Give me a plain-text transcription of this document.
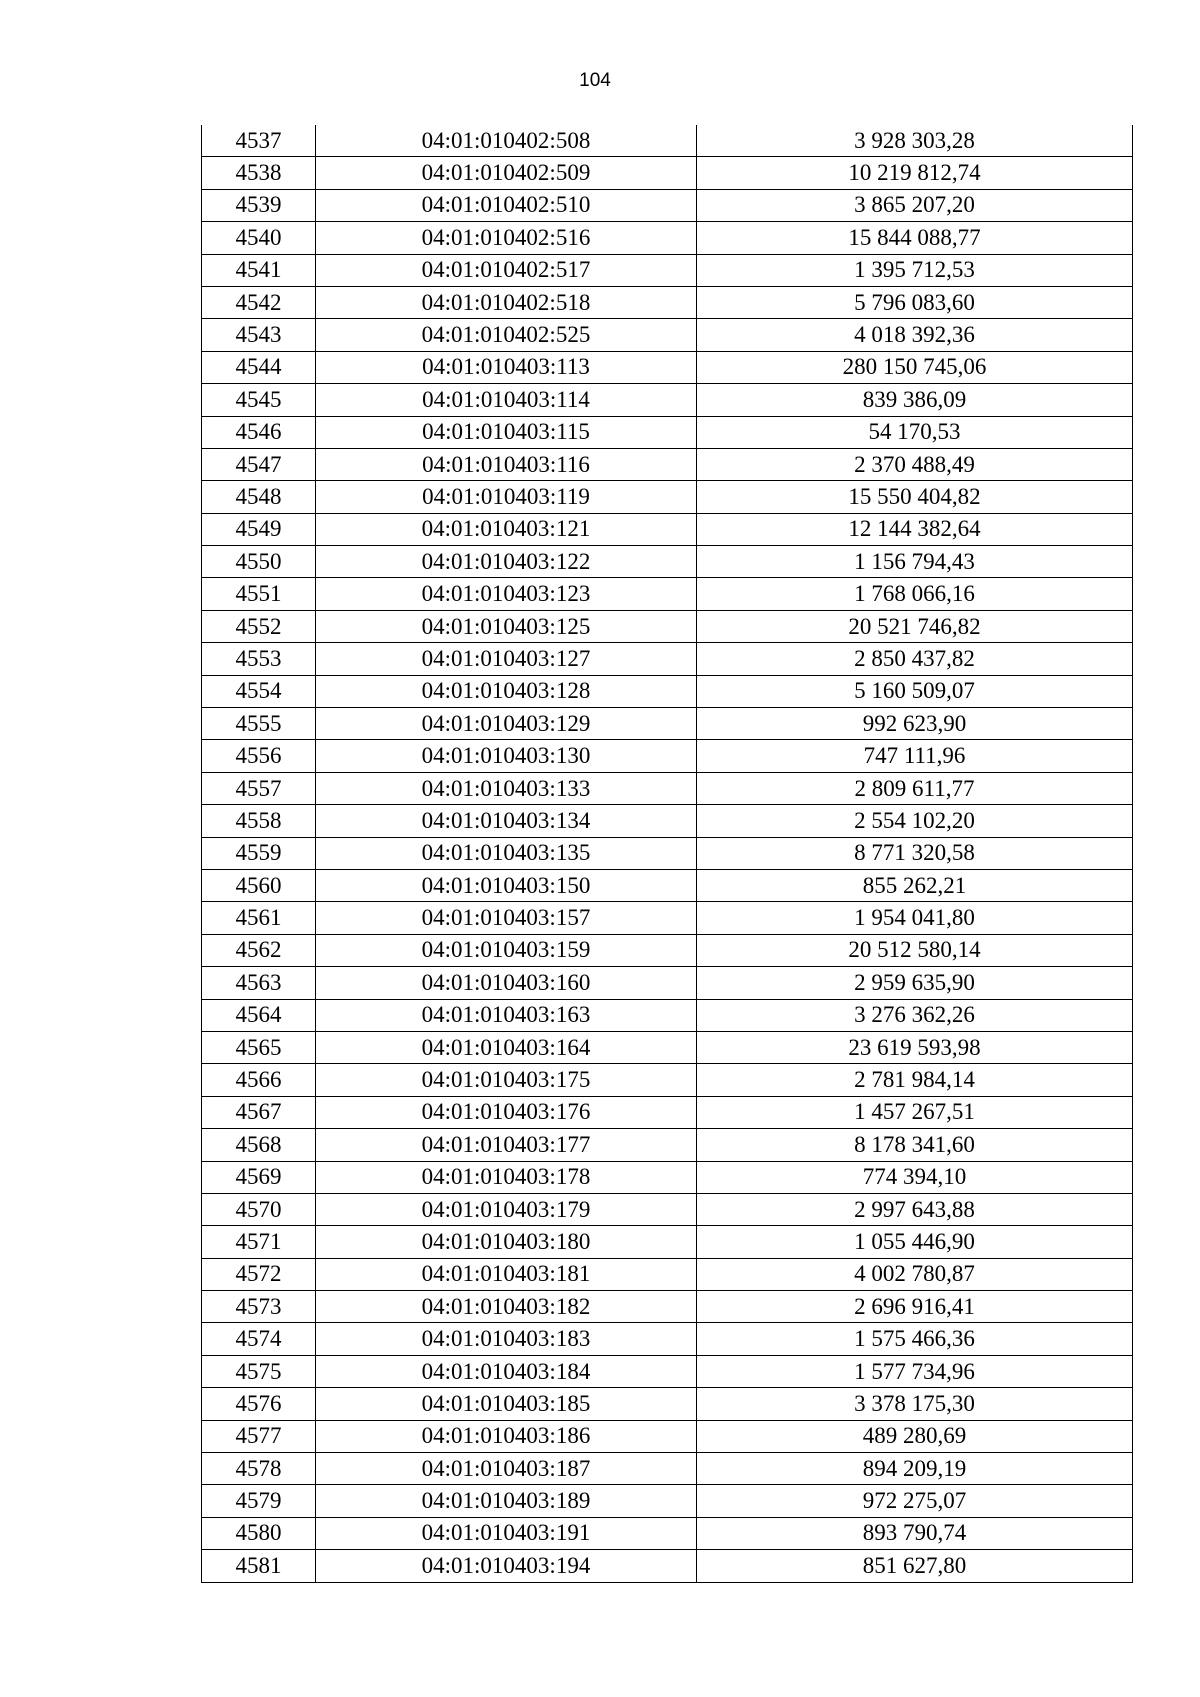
104
4537	04:01:010402:508	3 928 303,28
4538	04:01:010402:509	10 219 812,74
4539	04:01:010402:510	3 865 207,20
4540	04:01:010402:516	15 844 088,77
4541	04:01:010402:517	1 395 712,53
4542	04:01:010402:518	5 796 083,60
4543	04:01:010402:525	4 018 392,36
4544	04:01:010403:113	280 150 745,06
4545	04:01:010403:114	839 386,09
4546	04:01:010403:115	54 170,53
4547	04:01:010403:116	2 370 488,49
4548	04:01:010403:119	15 550 404,82
4549	04:01:010403:121	12 144 382,64
4550	04:01:010403:122	1 156 794,43
4551	04:01:010403:123	1 768 066,16
4552	04:01:010403:125	20 521 746,82
4553	04:01:010403:127	2 850 437,82
4554	04:01:010403:128	5 160 509,07
4555	04:01:010403:129	992 623,90
4556	04:01:010403:130	747 111,96
4557	04:01:010403:133	2 809 611,77
4558	04:01:010403:134	2 554 102,20
4559	04:01:010403:135	8 771 320,58
4560	04:01:010403:150	855 262,21
4561	04:01:010403:157	1 954 041,80
4562	04:01:010403:159	20 512 580,14
4563	04:01:010403:160	2 959 635,90
4564	04:01:010403:163	3 276 362,26
4565	04:01:010403:164	23 619 593,98
4566	04:01:010403:175	2 781 984,14
4567	04:01:010403:176	1 457 267,51
4568	04:01:010403:177	8 178 341,60
4569	04:01:010403:178	774 394,10
4570	04:01:010403:179	2 997 643,88
4571	04:01:010403:180	1 055 446,90
4572	04:01:010403:181	4 002 780,87
4573	04:01:010403:182	2 696 916,41
4574	04:01:010403:183	1 575 466,36
4575	04:01:010403:184	1 577 734,96
4576	04:01:010403:185	3 378 175,30
4577	04:01:010403:186	489 280,69
4578	04:01:010403:187	894 209,19
4579	04:01:010403:189	972 275,07
4580	04:01:010403:191	893 790,74
4581	04:01:010403:194	851 627,80
